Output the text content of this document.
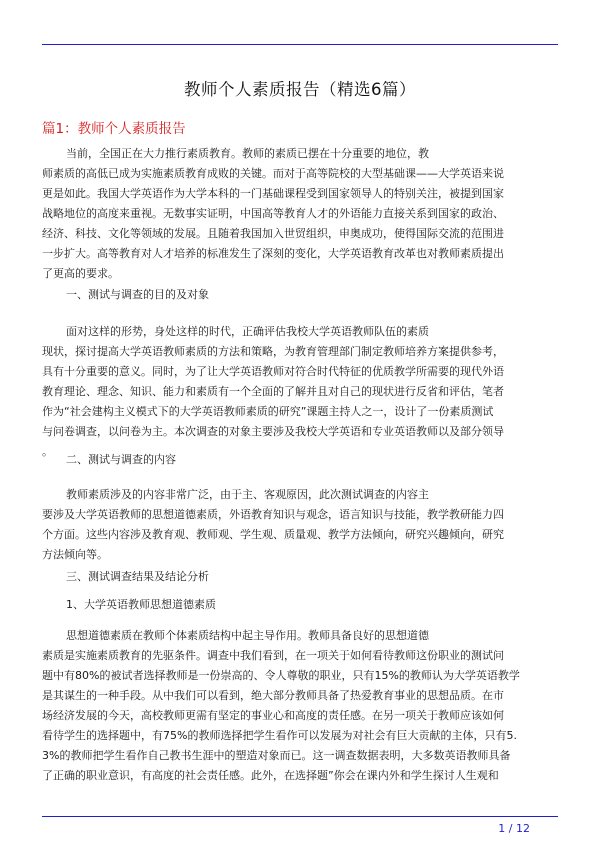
教师个人素质报告（精选6篇）
篇1：教师个人素质报告
当前，全国正在大力推行素质教育。教师的素质已摆在十分重要的地位，教
师素质的高低已成为实施素质教育成败的关键。而对于高等院校的大型基础课——大学英语来说
更是如此。我国大学英语作为大学本科的一门基础课程受到国家领导人的特别关注，被提到国家
战略地位的高度来重视。无数事实证明，中国高等教育人才的外语能力直接关系到国家的政治、
经济、科技、文化等领域的发展。且随着我国加入世贸组织，申奥成功，使得国际交流的范围进
一步扩大。高等教育对人才培养的标准发生了深刻的变化，大学英语教育改革也对教师素质提出
了更高的要求。
一、测试与调查的目的及对象
面对这样的形势，身处这样的时代，正确评估我校大学英语教师队伍的素质
现状，探讨提高大学英语教师素质的方法和策略，为教育管理部门制定教师培养方案提供参考，
具有十分重要的意义。同时，为了让大学英语教师对符合时代特征的优质教学所需要的现代外语
教育理论、理念、知识、能力和素质有一个全面的了解并且对自己的现状进行反省和评估，笔者
作为“社会建构主义模式下的大学英语教师素质的研究”课题主持人之一，设计了一份素质测试
与问卷调查，以问卷为主。本次调查的对象主要涉及我校大学英语和专业英语教师以及部分领导
。
二、测试与调查的内容
教师素质涉及的内容非常广泛，由于主、客观原因，此次测试调查的内容主
要涉及大学英语教师的思想道德素质，外语教育知识与观念，语言知识与技能，教学教研能力四
个方面。这些内容涉及教育观、教师观、学生观、质量观、教学方法倾向，研究兴趣倾向，研究
方法倾向等。
三、测试调查结果及结论分析
1、大学英语教师思想道德素质
思想道德素质在教师个体素质结构中起主导作用。教师具备良好的思想道德
素质是实施素质教育的先驱条件。调查中我们看到，在一项关于如何看待教师这份职业的测试问
题中有80%的被试者选择教师是一份崇高的、令人尊敬的职业，只有15%的教师认为大学英语教学
是其谋生的一种手段。从中我们可以看到，绝大部分教师具备了热爱教育事业的思想品质。在市
场经济发展的今天，高校教师更需有坚定的事业心和高度的责任感。在另一项关于教师应该如何
看待学生的选择题中，有75%的教师选择把学生看作可以发展为对社会有巨大贡献的主体，只有5.
3%的教师把学生看作自己教书生涯中的塑造对象而已。这一调查数据表明，大多数英语教师具备
了正确的职业意识，有高度的社会责任感。此外，在选择题”你会在课内外和学生探讨人生观和
1 / 12
